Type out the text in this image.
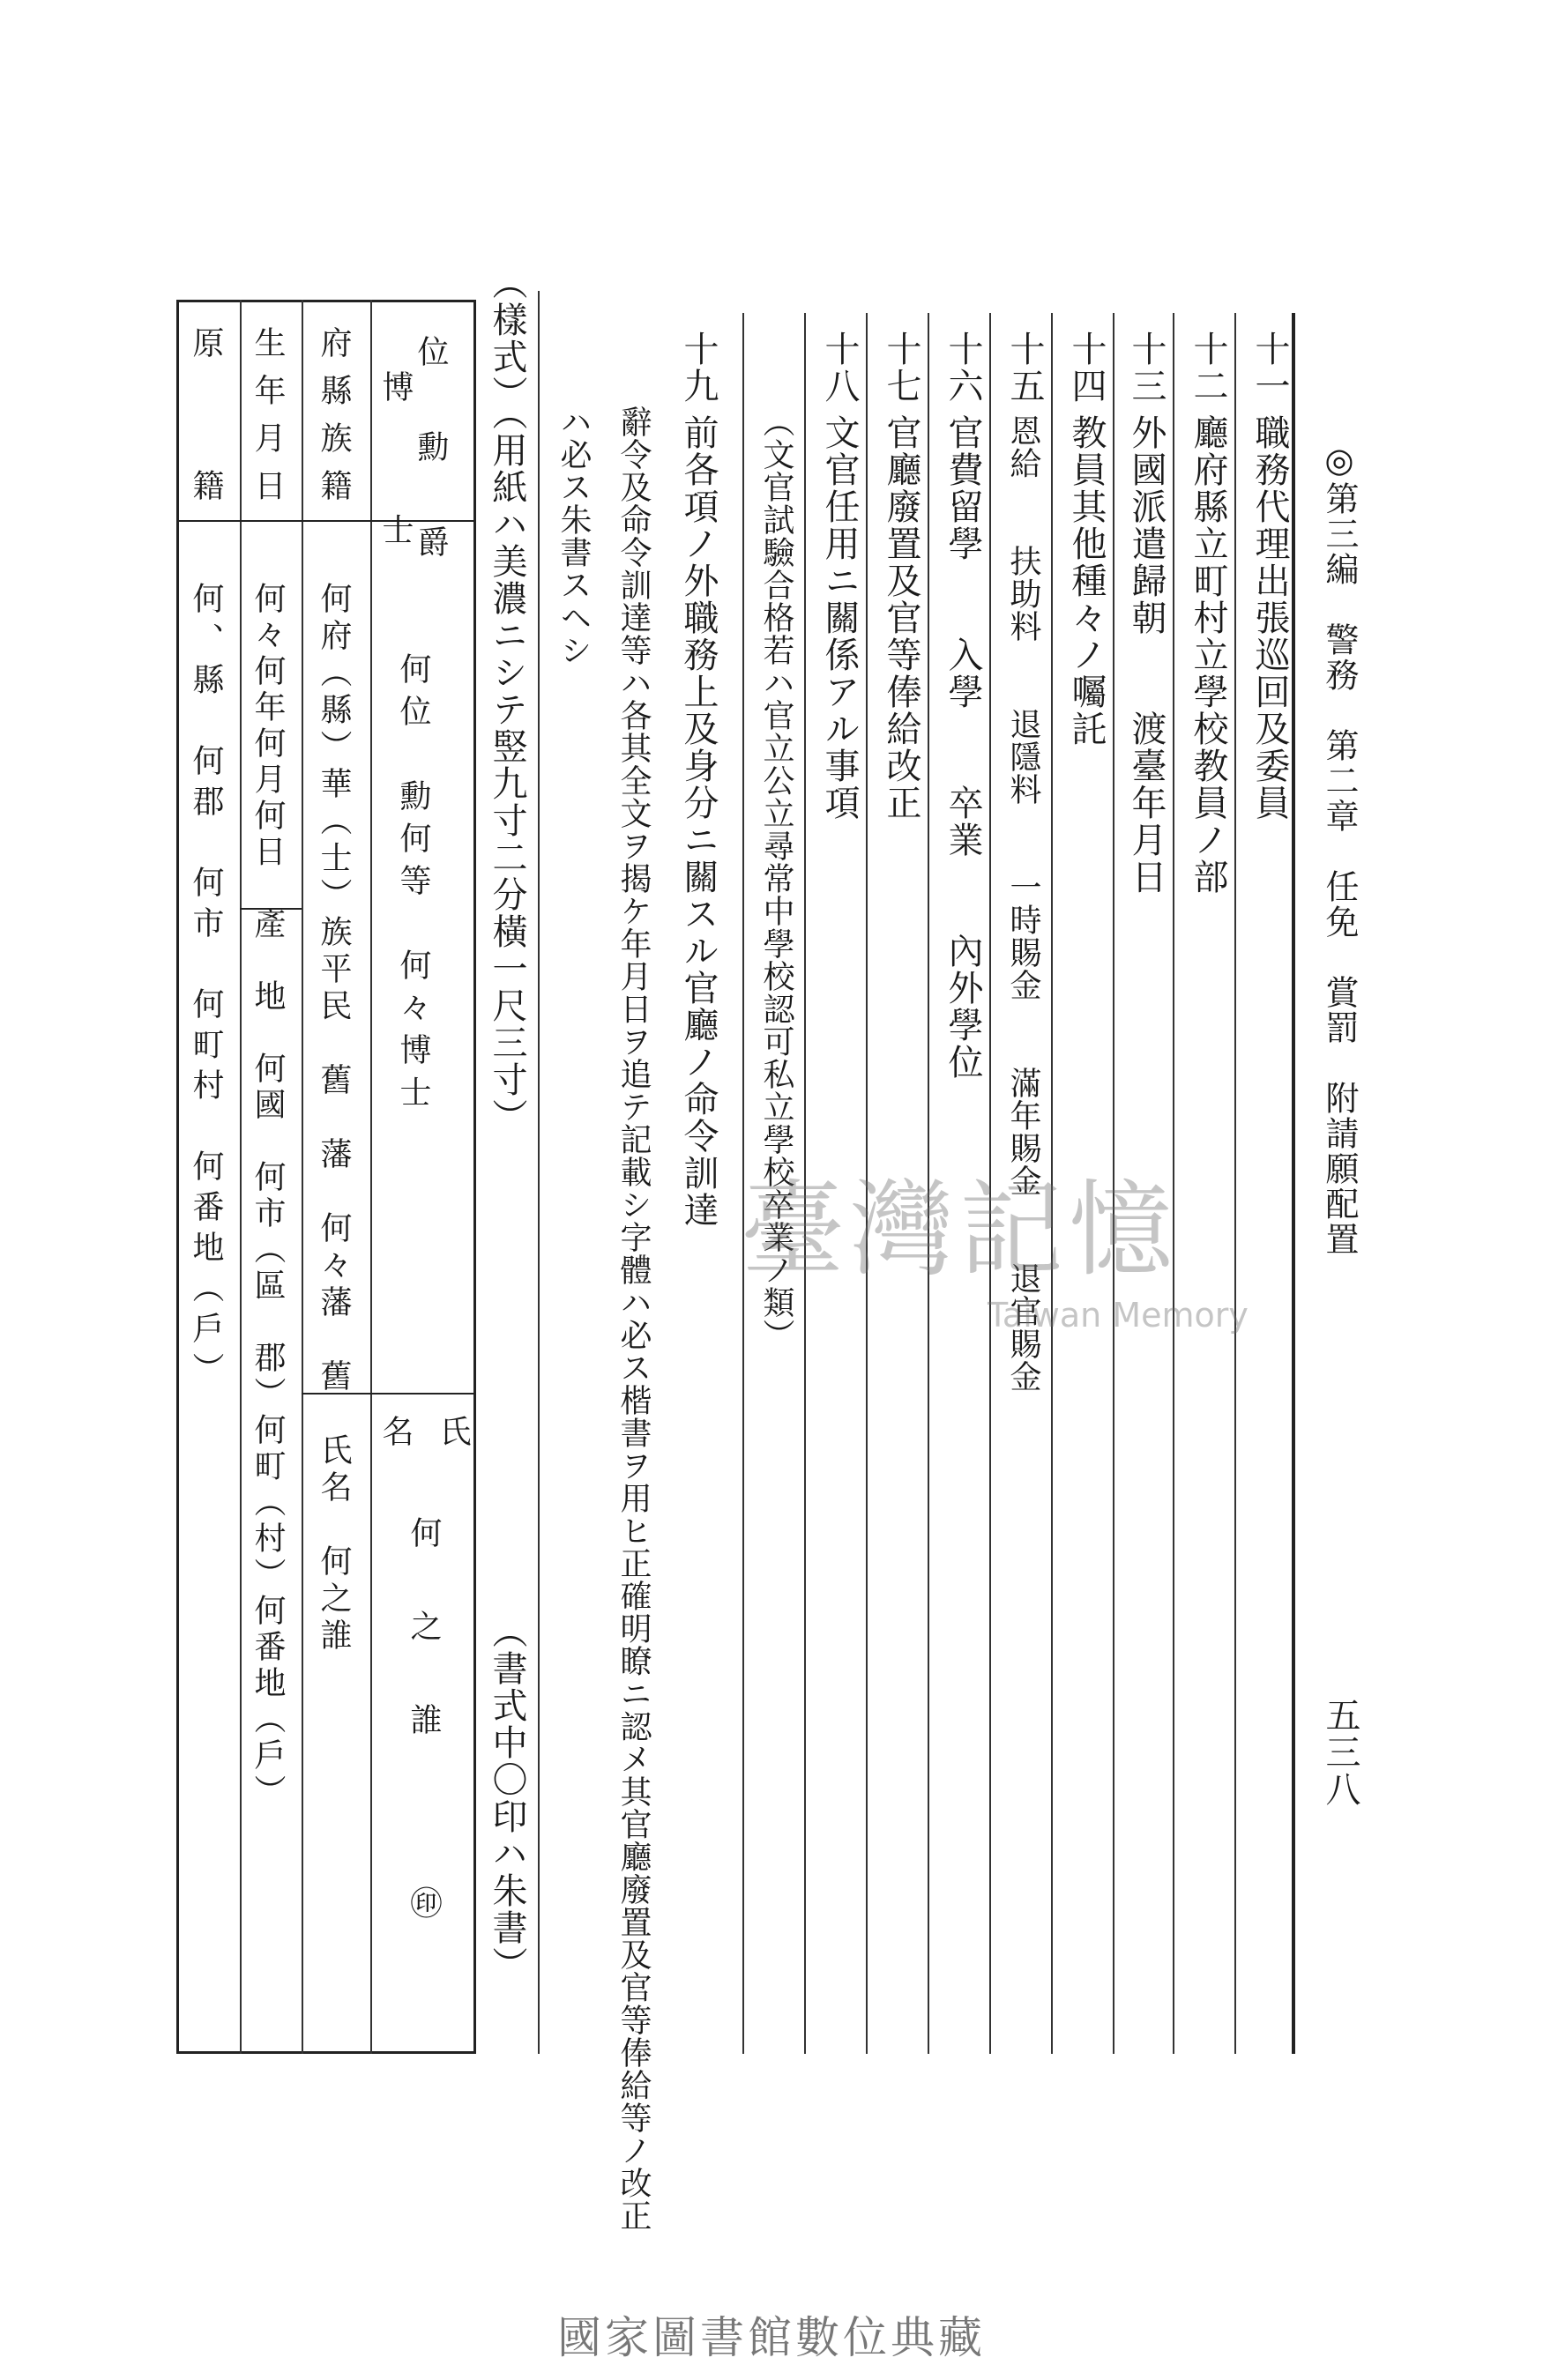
◎第三編　警務　第二章　任免　賞罰　附請願配置
十一
職務代理出張巡回及委員
十二
廳府縣立町村立學校教員ノ部
十三
外國派遣歸朝　　渡臺年月日
十四
教員其他種々ノ囑託
十五
恩給　　扶助料　　退隱料　　一時賜金　　滿年賜金　　退官賜金
十六
官費留學　　入學　　卒業　　內外學位
十七
官廳廢置及官等俸給改正
十八
文官任用ニ關係アル事項
（文官試驗合格若ハ官立公立尋常中學校認可私立學校卒業ノ類）
十九
前各項ノ外職務上及身分ニ關スル官廳ノ命令訓達
辭令及命令訓達等ハ各其全文ヲ揭ケ年月日ヲ追テ記載シ字體ハ必ス楷書ヲ用ヒ正確明瞭ニ認メ其官廳廢置及官等俸給等ノ改正
ハ必ス朱書スヘシ
（樣式）（用紙ハ美濃ニシテ竪九寸二分橫一尺三寸）
（書式中〇印ハ朱書）
位　勳　爵
博　　士
府縣族籍
生年月日
原　　籍
何位　勳何等　何々博士
何府（縣）華（士）族平民　舊　藩　何々藩　舊　氏名　何之誰
何々何年何月何日　產　地　何國　何市（區　郡）何町（村）何番地（戶）
何、縣　何郡　何市　何町村　何番地（戶）
氏
名
何之誰
㊞
五三八
臺灣記憶
Taiwan Memory
國家圖書館數位典藏
